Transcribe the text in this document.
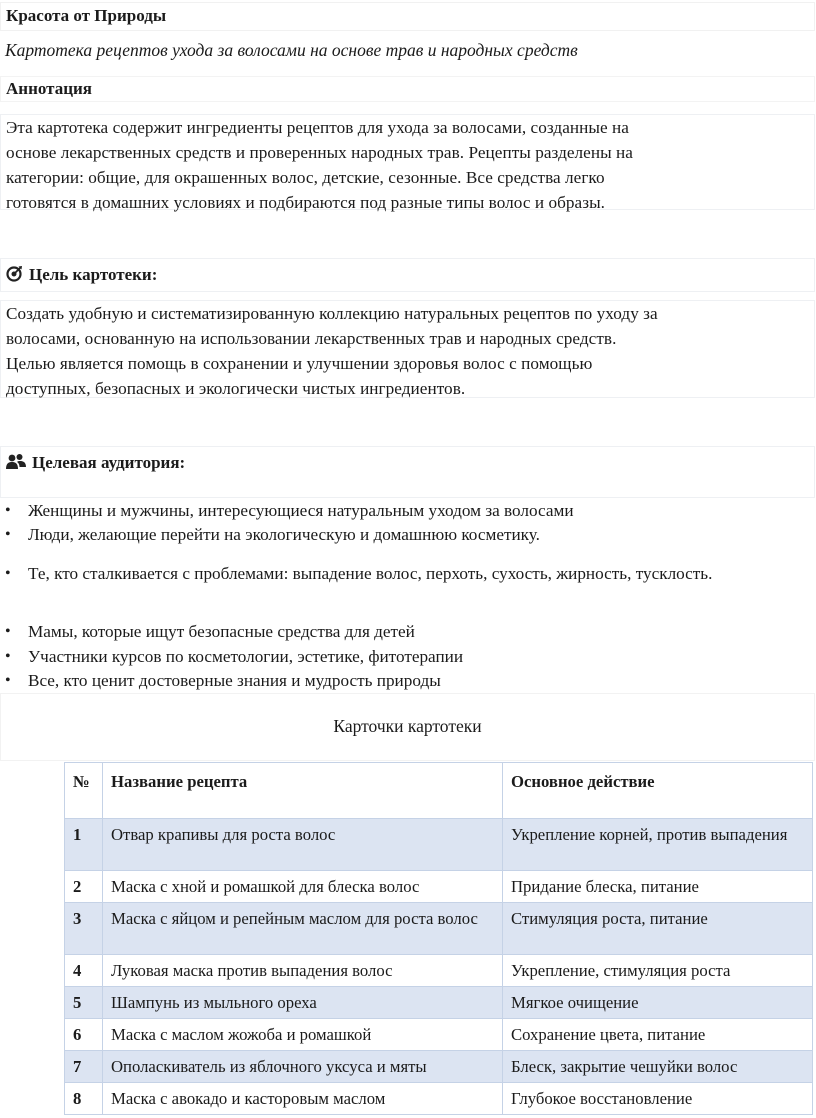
Красота от Природы
Картотека рецептов ухода за волосами на основе трав и народных средств
Аннотация
Эта картотека содержит ингредиенты рецептов для ухода за волосами, созданные на
основе лекарственных средств и проверенных народных трав. Рецепты разделены на
категории: общие, для окрашенных волос, детские, сезонные. Все средства легко
готовятся в домашних условиях и подбираются под разные типы волос и образы.
Цель картотеки:
Создать удобную и систематизированную коллекцию натуральных рецептов по уходу за
волосами, основанную на использовании лекарственных трав и народных средств.
Целью является помощь в сохранении и улучшении здоровья волос с помощью
доступных, безопасных и экологически чистых ингредиентов.
Целевая аудитория:
• Женщины и мужчины, интересующиеся натуральным уходом за волосами
• Люди, желающие перейти на экологическую и домашнюю косметику.
• Те, кто сталкивается с проблемами: выпадение волос, перхоть, сухость, жирность, тусклость.
• Мамы, которые ищут безопасные средства для детей
• Участники курсов по косметологии, эстетике, фитотерапии
• Все, кто ценит достоверные знания и мудрость природы
Карточки картотеки
№	Название рецепта	Основное действие
1	Отвар крапивы для роста волос	Укрепление корней, против выпадения
2	Маска с хной и ромашкой для блеска волос	Придание блеска, питание
3	Маска с яйцом и репейным маслом для роста волос	Стимуляция роста, питание
4	Луковая маска против выпадения волос	Укрепление, стимуляция роста
5	Шампунь из мыльного ореха	Мягкое очищение
6	Маска с маслом жожоба и ромашкой	Сохранение цвета, питание
7	Ополаскиватель из яблочного уксуса и мяты	Блеск, закрытие чешуйки волос
8	Маска с авокадо и касторовым маслом	Глубокое восстановление
